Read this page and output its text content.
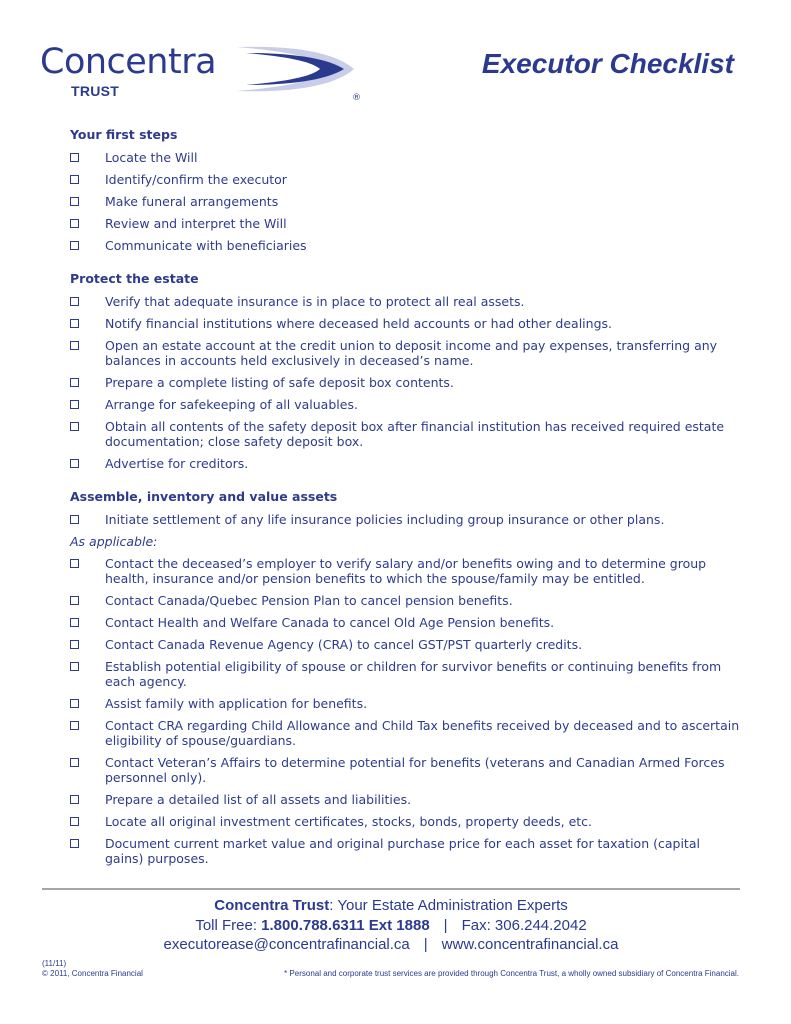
Concentra
TRUST	®
Executor Checklist
Your first steps
Locate the Will
Identify/confirm the executor
Make funeral arrangements
Review and interpret the Will
Communicate with beneficiaries
Protect the estate
Verify that adequate insurance is in place to protect all real assets.
Notify financial institutions where deceased held accounts or had other dealings.
Open an estate account at the credit union to deposit income and pay expenses, transferring any balances in accounts held exclusively in deceased’s name.
Prepare a complete listing of safe deposit box contents.
Arrange for safekeeping of all valuables.
Obtain all contents of the safety deposit box after financial institution has received required estate documentation; close safety deposit box.
Advertise for creditors.
Assemble, inventory and value assets
Initiate settlement of any life insurance policies including group insurance or other plans.
As applicable:
Contact the deceased’s employer to verify salary and/or benefits owing and to determine group health, insurance and/or pension benefits to which the spouse/family may be entitled.
Contact Canada/Quebec Pension Plan to cancel pension benefits.
Contact Health and Welfare Canada to cancel Old Age Pension benefits.
Contact Canada Revenue Agency (CRA) to cancel GST/PST quarterly credits.
Establish potential eligibility of spouse or children for survivor benefits or continuing benefits from each agency.
Assist family with application for benefits.
Contact CRA regarding Child Allowance and Child Tax benefits received by deceased and to ascertain eligibility of spouse/guardians.
Contact Veteran’s Affairs to determine potential for benefits (veterans and Canadian Armed Forces personnel only).
Prepare a detailed list of all assets and liabilities.
Locate all original investment certificates, stocks, bonds, property deeds, etc.
Document current market value and original purchase price for each asset for taxation (capital gains) purposes.
Concentra Trust: Your Estate Administration Experts
Toll Free: 1.800.788.6311 Ext 1888 | Fax: 306.244.2042
executorease@concentrafinancial.ca | www.concentrafinancial.ca
(11/11)
© 2011, Concentra Financial	* Personal and corporate trust services are provided through Concentra Trust, a wholly owned subsidiary of Concentra Financial.
